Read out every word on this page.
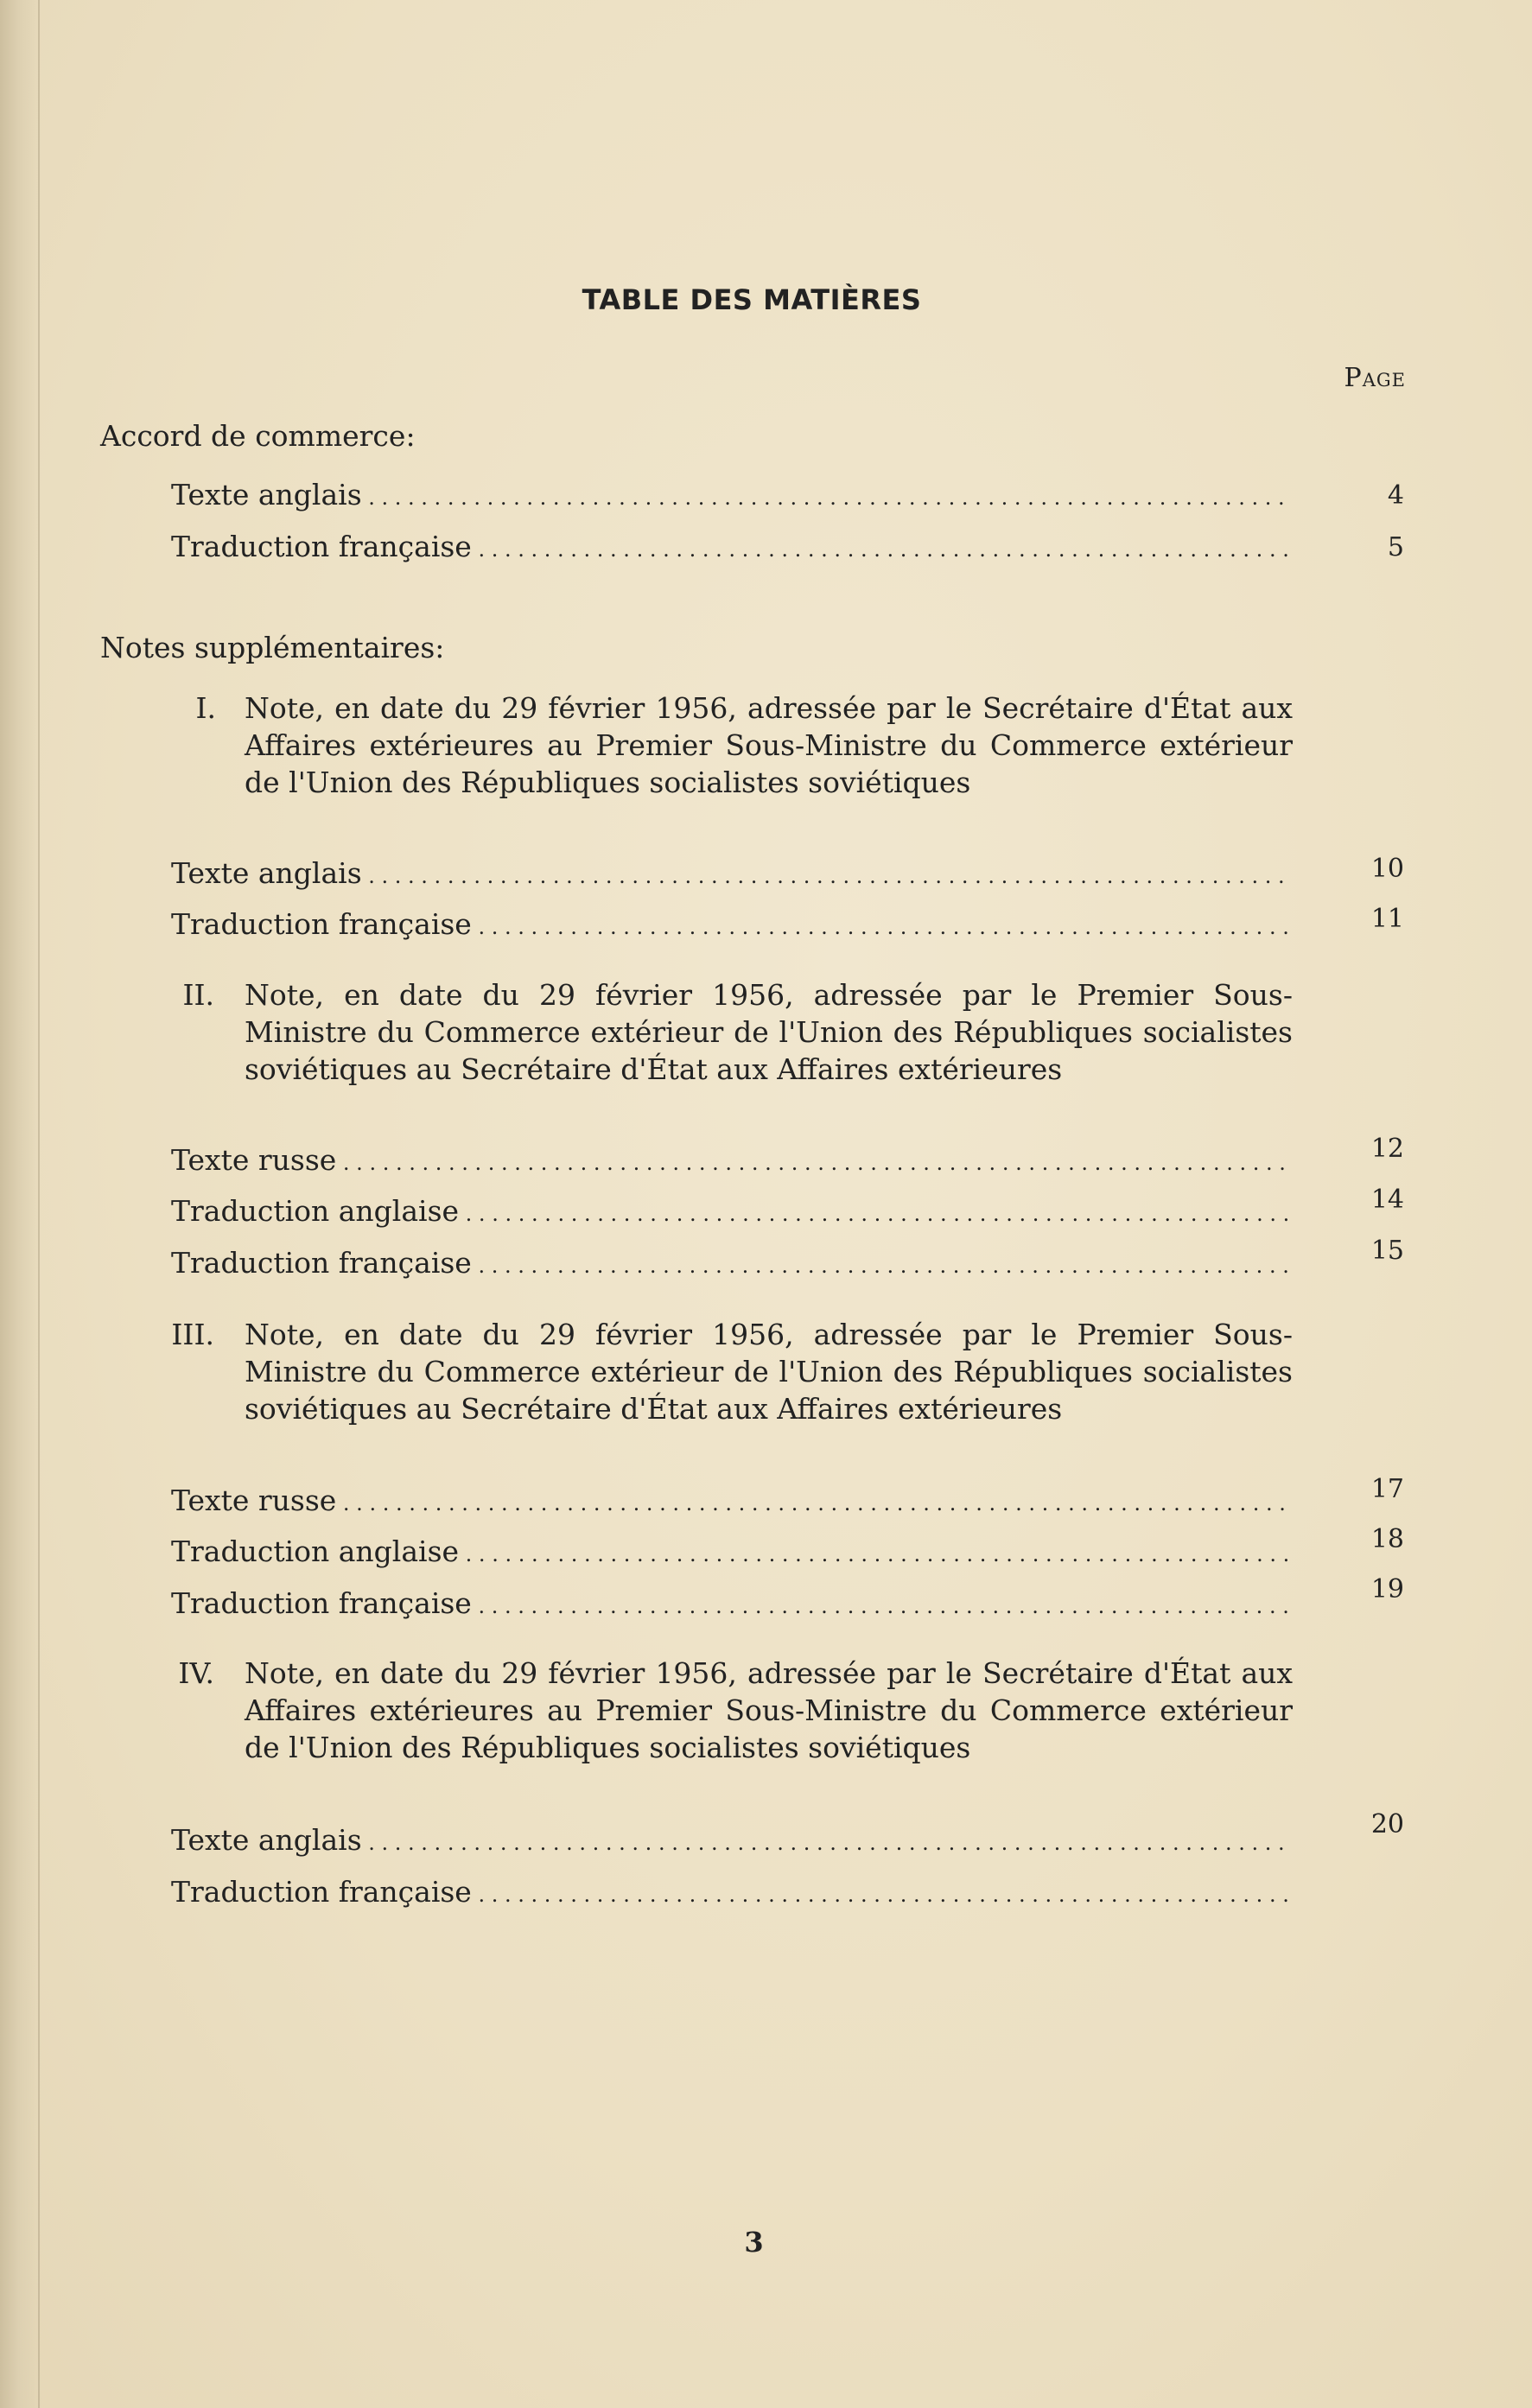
TABLE DES MATIÈRES
Page
Accord de commerce:
Texte anglais . . .	4
Traduction française . . .	5
Notes supplémentaires:
I.	Note, en date du 29 février 1956, adressée par le Secrétaire d'État aux Affaires extérieures au Premier Sous-Ministre du Commerce extérieur de l'Union des Républiques socialistes soviétiques
Texte anglais . . .	10
Traduction française . . .	11
II.	Note, en date du 29 février 1956, adressée par le Premier Sous-Ministre du Commerce extérieur de l'Union des Républiques socialistes soviétiques au Secrétaire d'État aux Affaires extérieures
Texte russe . . .	12
Traduction anglaise . . .	14
Traduction française . . .	15
III.	Note, en date du 29 février 1956, adressée par le Premier Sous-Ministre du Commerce extérieur de l'Union des Républiques socialistes soviétiques au Secrétaire d'État aux Affaires extérieures
Texte russe . . .	17
Traduction anglaise . . .	18
Traduction française . . .	19
IV.	Note, en date du 29 février 1956, adressée par le Secrétaire d'État aux Affaires extérieures au Premier Sous-Ministre du Commerce extérieur de l'Union des Républiques socialistes soviétiques
Texte anglais . . .	20
Traduction française . . .
3
